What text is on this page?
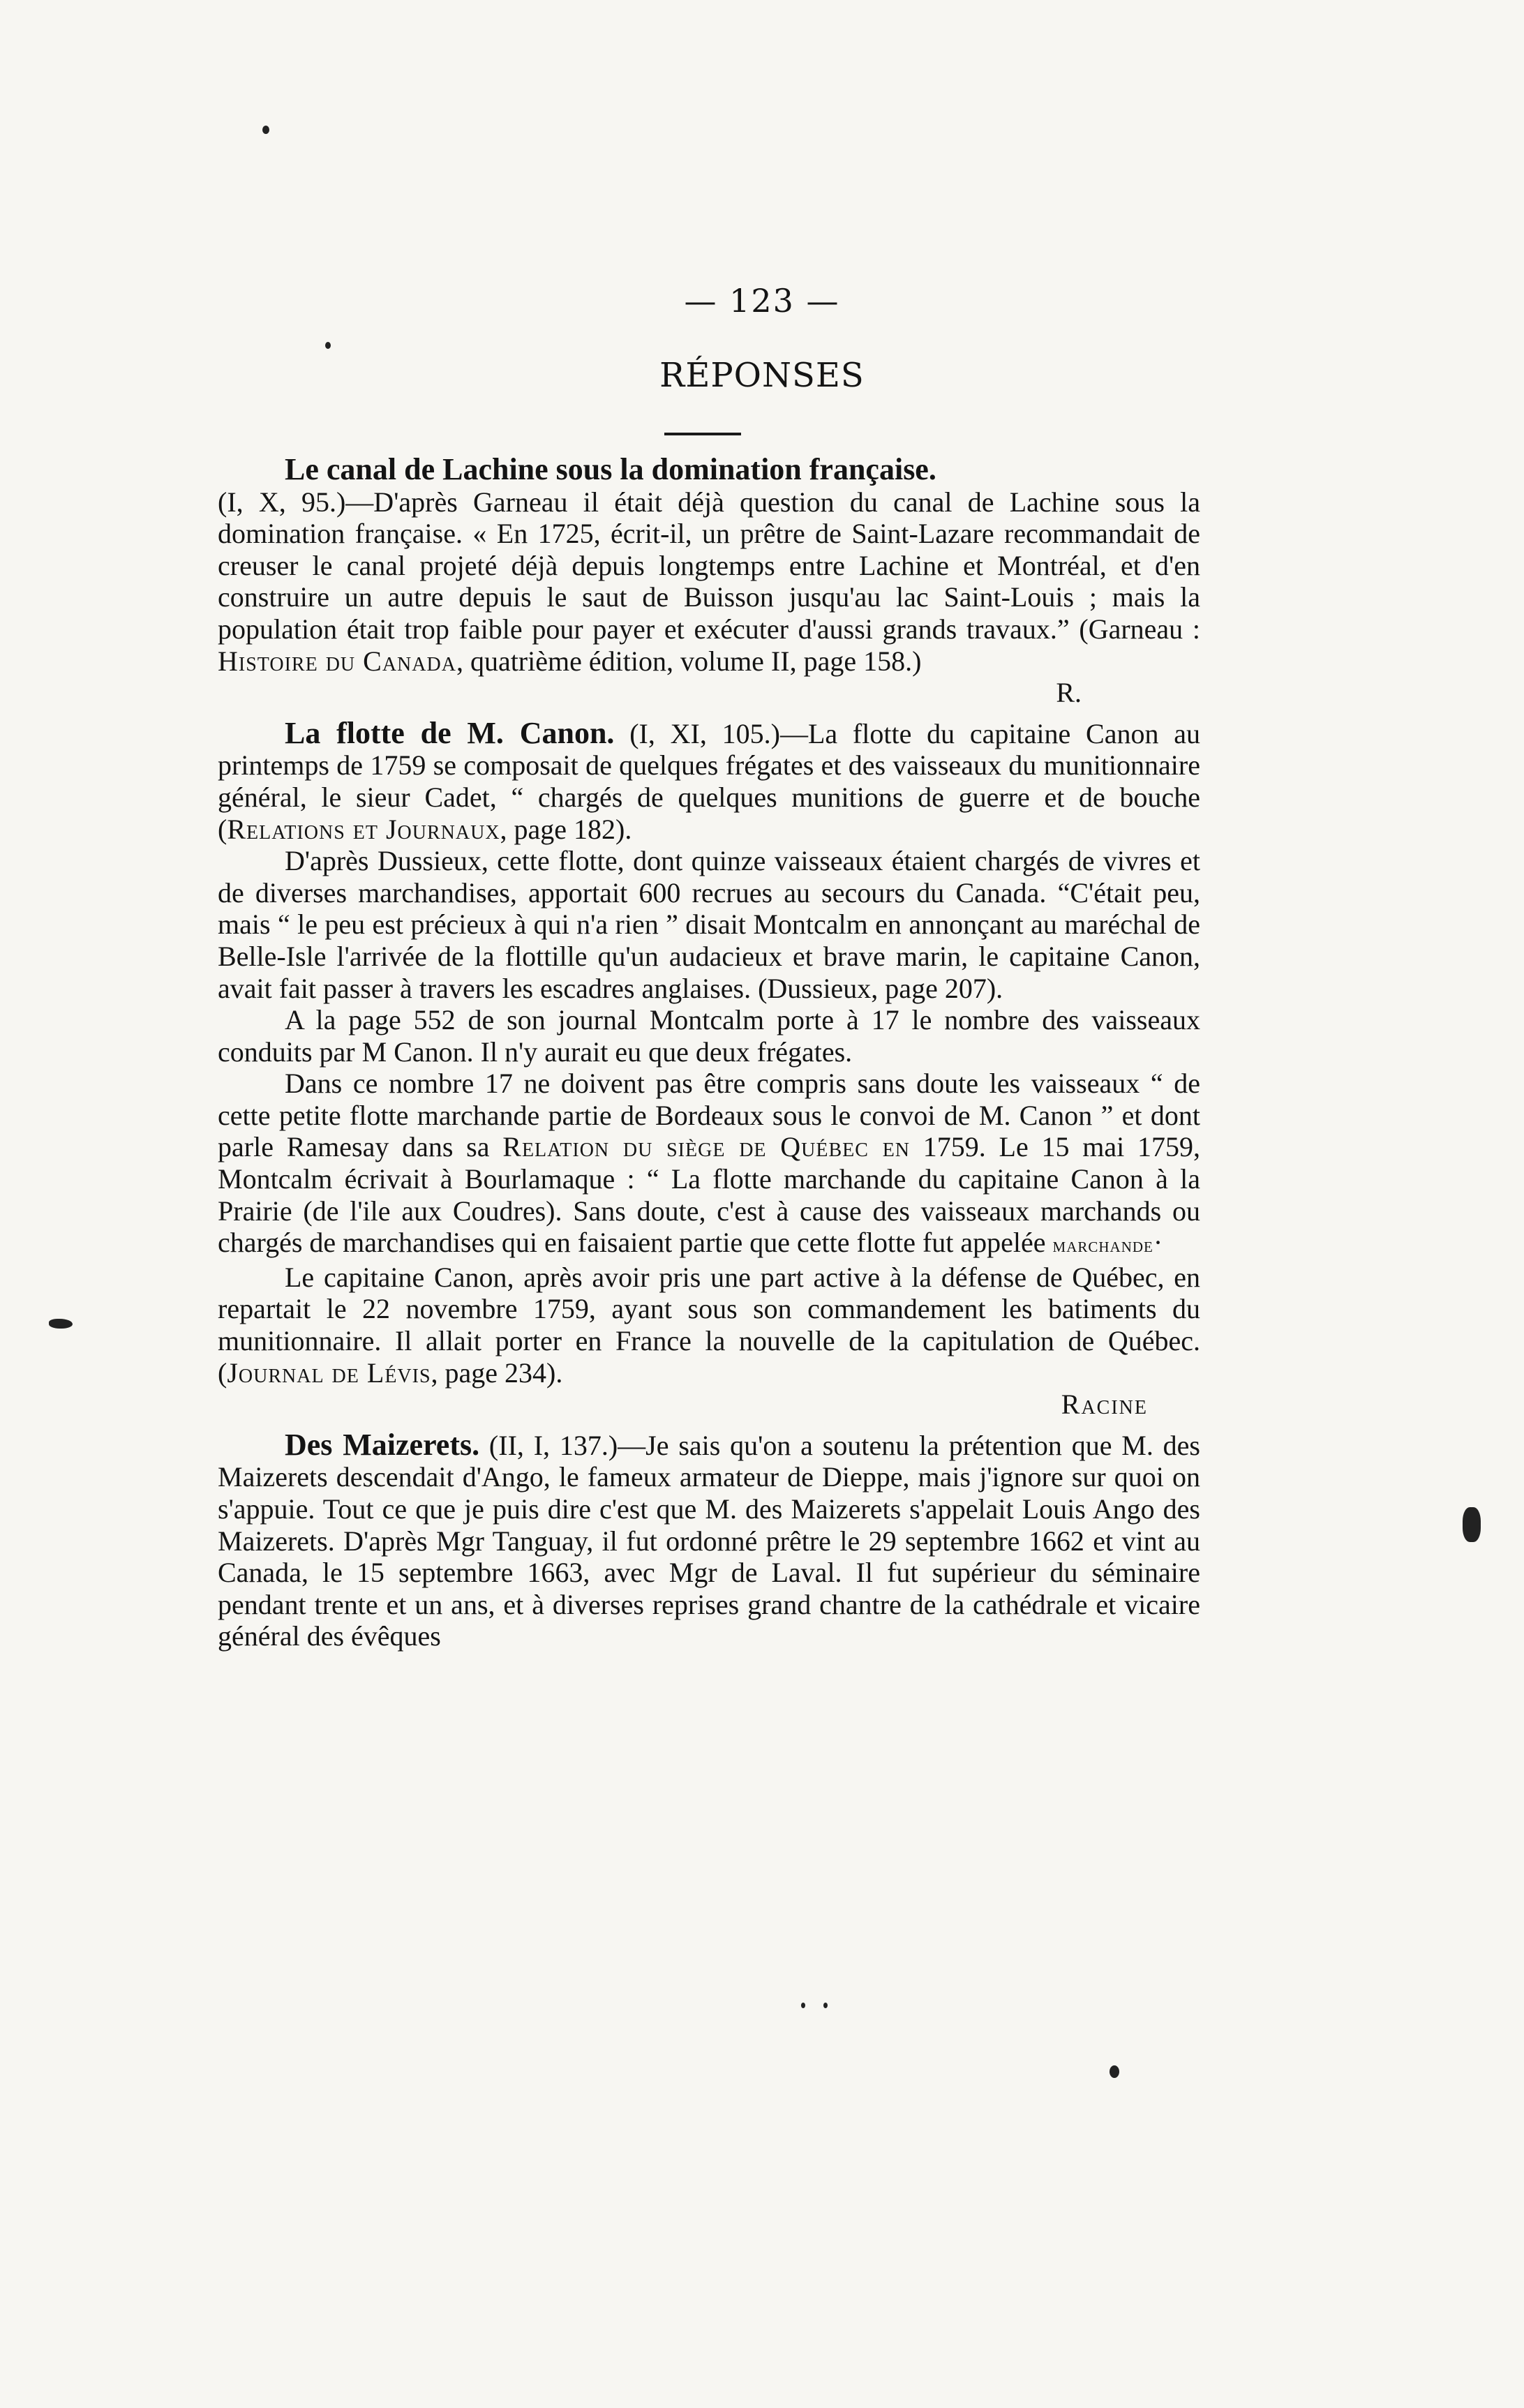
— 123 —
RÉPONSES

Le canal de Lachine sous la domination française.

(I, X, 95.)—D'après Garneau il était déjà question du canal de Lachine sous la domination française. « En 1725, écrit-il, un prêtre de Saint-Lazare recommandait de creuser le canal projeté déjà depuis longtemps entre Lachine et Montréal, et d'en construire un autre depuis le saut de Buisson jusqu'au lac Saint-Louis ; mais la population était trop faible pour payer et exécuter d'aussi grands travaux.” (Garneau : Histoire du Canada, quatrième édition, volume II, page 158.)

R.

La flotte de M. Canon. (I, XI, 105.)—La flotte du capitaine Canon au printemps de 1759 se composait de quelques frégates et des vaisseaux du munitionnaire général, le sieur Cadet, “ chargés de quelques munitions de guerre et de bouche (Relations et Journaux, page 182).

D'après Dussieux, cette flotte, dont quinze vaisseaux étaient chargés de vivres et de diverses marchandises, apportait 600 recrues au secours du Canada. “C'était peu, mais “ le peu est précieux à qui n'a rien ” disait Montcalm en annonçant au maréchal de Belle-Isle l'arrivée de la flottille qu'un audacieux et brave marin, le capitaine Canon, avait fait passer à travers les escadres anglaises. (Dussieux, page 207).

A la page 552 de son journal Montcalm porte à 17 le nombre des vaisseaux conduits par M Canon. Il n'y aurait eu que deux frégates.

Dans ce nombre 17 ne doivent pas être compris sans doute les vaisseaux “ de cette petite flotte marchande partie de Bordeaux sous le convoi de M. Canon ” et dont parle Ramesay dans sa Relation du siège de Québec en 1759. Le 15 mai 1759, Montcalm écrivait à Bourlamaque : “ La flotte marchande du capitaine Canon à la Prairie (de l'ile aux Coudres). Sans doute, c'est à cause des vaisseaux marchands ou chargés de marchandises qui en faisaient partie que cette flotte fut appelée marchande·

Le capitaine Canon, après avoir pris une part active à la défense de Québec, en repartait le 22 novembre 1759, ayant sous son commandement les batiments du munitionnaire. Il allait porter en France la nouvelle de la capitulation de Québec. (Journal de Lévis, page 234).

Racine

Des Maizerets. (II, I, 137.)—Je sais qu'on a soutenu la prétention que M. des Maizerets descendait d'Ango, le fameux armateur de Dieppe, mais j'ignore sur quoi on s'appuie. Tout ce que je puis dire c'est que M. des Maizerets s'appelait Louis Ango des Maizerets. D'après Mgr Tanguay, il fut ordonné prêtre le 29 septembre 1662 et vint au Canada, le 15 septembre 1663, avec Mgr de Laval. Il fut supérieur du séminaire pendant trente et un ans, et à diverses reprises grand chantre de la cathédrale et vicaire général des évêques
